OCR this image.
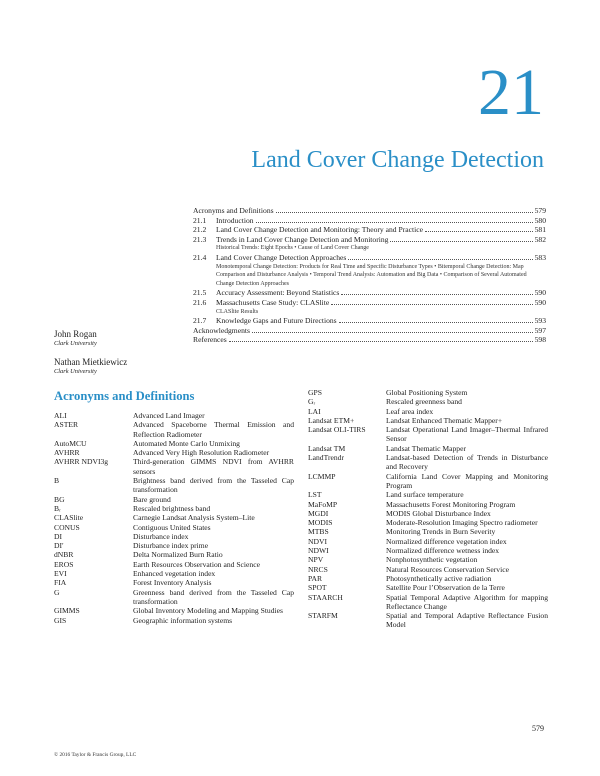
21
Land Cover Change Detection
Acronyms and Definitions	579
21.1	Introduction	580
21.2	Land Cover Change Detection and Monitoring: Theory and Practice	581
21.3	Trends in Land Cover Change Detection and Monitoring	582
Historical Trends: Eight Epochs • Cause of Land Cover Change
21.4	Land Cover Change Detection Approaches	583
Monotemporal Change Detection: Products for Real Time and Specific Disturbance Types • Bitemporal Change Detection: Map Comparison and Disturbance Analysis • Temporal Trend Analysis: Automation and Big Data • Comparison of Several Automated Change Detection Approaches
21.5	Accuracy Assessment: Beyond Statistics	590
21.6	Massachusetts Case Study: CLASlite	590
CLASlite Results
21.7	Knowledge Gaps and Future Directions	593
Acknowledgments	597
References	598
John Rogan
Clark University
Nathan Mietkiewicz
Clark University
Acronyms and Definitions
ALI	Advanced Land Imager
ASTER	Advanced Spaceborne Thermal Emission and Reflection Radiometer
AutoMCU	Automated Monte Carlo Unmixing
AVHRR	Advanced Very High Resolution Radiometer
AVHRR NDVI3g	Third-generation GIMMS NDVI from AVHRR sensors
B	Brightness band derived from the Tasseled Cap transformation
BG	Bare ground
Bᵣ	Rescaled brightness band
CLASlite	Carnegie Landsat Analysis System–Lite
CONUS	Contiguous United States
DI	Disturbance index
DI′	Disturbance index prime
dNBR	Delta Normalized Burn Ratio
EROS	Earth Resources Observation and Science
EVI	Enhanced vegetation index
FIA	Forest Inventory Analysis
G	Greenness band derived from the Tasseled Cap transformation
GIMMS	Global Inventory Modeling and Mapping Studies
GIS	Geographic information systems
GPS	Global Positioning System
Gᵣ	Rescaled greenness band
LAI	Leaf area index
Landsat ETM+	Landsat Enhanced Thematic Mapper+
Landsat OLI-TIRS	Landsat Operational Land Imager–Thermal Infrared Sensor
Landsat TM	Landsat Thematic Mapper
LandTrendr	Landsat-based Detection of Trends in Disturbance and Recovery
LCMMP	California Land Cover Mapping and Monitoring Program
LST	Land surface temperature
MaFoMP	Massachusetts Forest Monitoring Program
MGDI	MODIS Global Disturbance Index
MODIS	Moderate-Resolution Imaging Spectro radiometer
MTBS	Monitoring Trends in Burn Severity
NDVI	Normalized difference vegetation index
NDWI	Normalized difference wetness index
NPV	Nonphotosynthetic vegetation
NRCS	Natural Resources Conservation Service
PAR	Photosynthetically active radiation
SPOT	Satellite Pour l’Observation de la Terre
STAARCH	Spatial Temporal Adaptive Algorithm for mapping Reflectance Change
STARFM	Spatial and Temporal Adaptive Reflectance Fusion Model
579
© 2016 Taylor & Francis Group, LLC
